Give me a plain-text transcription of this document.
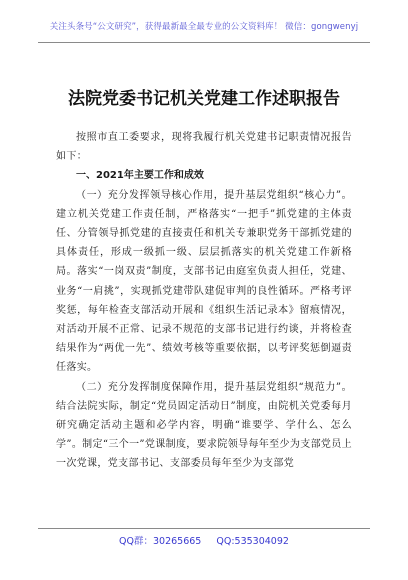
关注头条号“公文研究”，获得最新最全最专业的公文资料库！ 微信：gongwenyj
法院党委书记机关党建工作述职报告

按照市直工委要求，现将我履行机关党建书记职责情况报告如下：

一、2021年主要工作和成效

（一）充分发挥领导核心作用，提升基层党组织“核心力”。建立机关党建工作责任制，严格落实“一把手”抓党建的主体责任、分管领导抓党建的直接责任和机关专兼职党务干部抓党建的具体责任，形成一级抓一级、层层抓落实的机关党建工作新格局。落实“一岗双责”制度，支部书记由庭室负责人担任，党建、业务“一肩挑”，实现抓党建带队建促审判的良性循环。严格考评奖惩，每年检查支部活动开展和《组织生活记录本》留痕情况，对活动开展不正常、记录不规范的支部书记进行约谈，并将检查结果作为“两优一先”、绩效考核等重要依据，以考评奖惩倒逼责任落实。

（二）充分发挥制度保障作用，提升基层党组织“规范力”。结合法院实际，制定“党员固定活动日”制度，由院机关党委每月研究确定活动主题和必学内容，明确“谁要学、学什么、怎么学”。制定“三个一”党课制度，要求院领导每年至少为支部党员上一次党课，党支部书记、支部委员每年至少为支部党

QQ群：30265665 QQ:535304092
